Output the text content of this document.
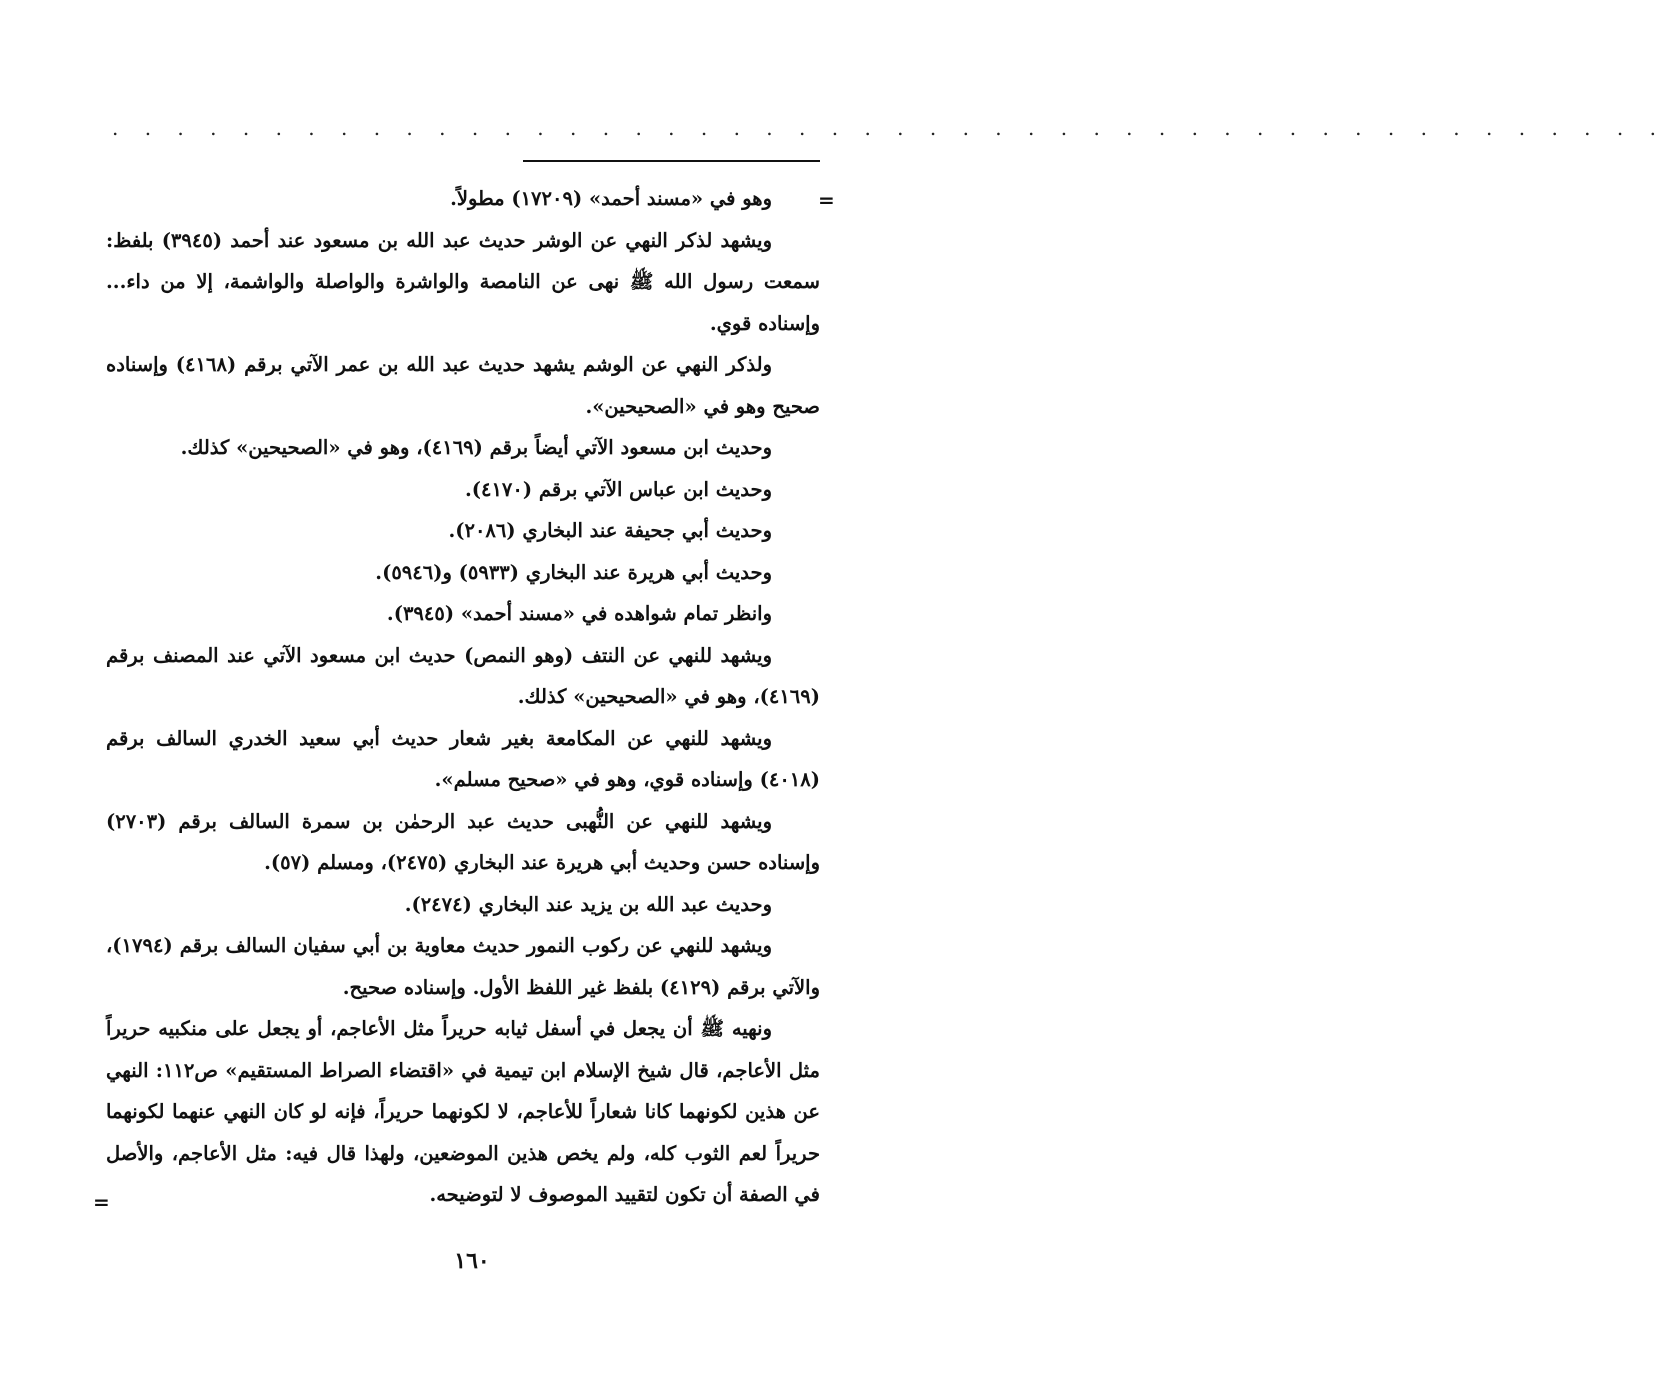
. . . . . . . . . . . . . . . . . . . . . . . . . . . . . . . . . . . . . . . . . . . . . . . .
=

وهو في «مسند أحمد» (١٧٢٠٩) مطولاً.

ويشهد لذكر النهي عن الوشر حديث عبد الله بن مسعود عند أحمد (٣٩٤٥) بلفظ: سمعت رسول الله ﷺ نهى عن النامصة والواشرة والواصلة والواشمة، إلا من داء... وإسناده قوي.

ولذكر النهي عن الوشم يشهد حديث عبد الله بن عمر الآتي برقم (٤١٦٨) وإسناده صحيح وهو في «الصحيحين».

وحديث ابن مسعود الآتي أيضاً برقم (٤١٦٩)، وهو في «الصحيحين» كذلك.

وحديث ابن عباس الآتي برقم (٤١٧٠).

وحديث أبي جحيفة عند البخاري (٢٠٨٦).

وحديث أبي هريرة عند البخاري (٥٩٣٣) و(٥٩٤٦).

وانظر تمام شواهده في «مسند أحمد» (٣٩٤٥).

ويشهد للنهي عن النتف (وهو النمص) حديث ابن مسعود الآتي عند المصنف برقم (٤١٦٩)، وهو في «الصحيحين» كذلك.

ويشهد للنهي عن المكامعة بغير شعار حديث أبي سعيد الخدري السالف برقم (٤٠١٨) وإسناده قوي، وهو في «صحيح مسلم».

ويشهد للنهي عن النُّهبى حديث عبد الرحمٰن بن سمرة السالف برقم (٢٧٠٣) وإسناده حسن وحديث أبي هريرة عند البخاري (٢٤٧٥)، ومسلم (٥٧).

وحديث عبد الله بن يزيد عند البخاري (٢٤٧٤).

ويشهد للنهي عن ركوب النمور حديث معاوية بن أبي سفيان السالف برقم (١٧٩٤)، والآتي برقم (٤١٢٩) بلفظ غير اللفظ الأول. وإسناده صحيح.

ونهيه ﷺ أن يجعل في أسفل ثيابه حريراً مثل الأعاجم، أو يجعل على منكبيه حريراً مثل الأعاجم، قال شيخ الإسلام ابن تيمية في «اقتضاء الصراط المستقيم» ص١١٢: النهي عن هذين لكونهما كانا شعاراً للأعاجم، لا لكونهما حريراً، فإنه لو كان النهي عنهما لكونهما حريراً لعم الثوب كله، ولم يخص هذين الموضعين، ولهذا قال فيه: مثل الأعاجم، والأصل في الصفة أن تكون لتقييد الموصوف لا لتوضيحه.

=
١٦٠
